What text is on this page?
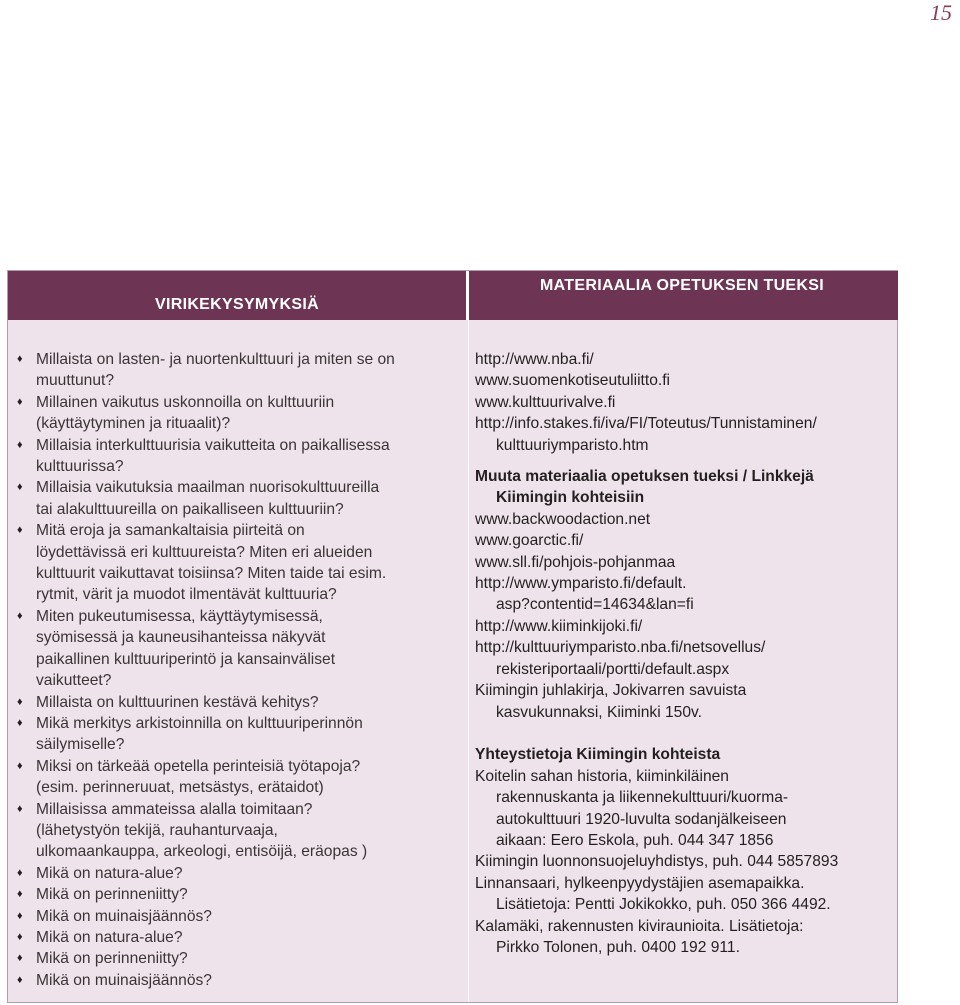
15
VIRIKEKYSYMYKSIÄ
MATERIAALIA OPETUKSEN TUEKSI
♦ Millaista on lasten- ja nuortenkulttuuri ja miten se on
muuttunut?
♦ Millainen vaikutus uskonnoilla on kulttuuriin
(käyttäytyminen ja rituaalit)?
♦ Millaisia interkulttuurisia vaikutteita on paikallisessa
kulttuurissa?
♦ Millaisia vaikutuksia maailman nuorisokulttuureilla
tai alakulttuureilla on paikalliseen kulttuuriin?
♦ Mitä eroja ja samankaltaisia piirteitä on
löydettävissä eri kulttuureista? Miten eri alueiden
kulttuurit vaikuttavat toisiinsa? Miten taide tai esim.
rytmit, värit ja muodot ilmentävät kulttuuria?
♦ Miten pukeutumisessa, käyttäytymisessä,
syömisessä ja kauneusihanteissa näkyvät
paikallinen kulttuuriperintö ja kansainväliset
vaikutteet?
♦ Millaista on kulttuurinen kestävä kehitys?
♦ Mikä merkitys arkistoinnilla on kulttuuriperinnön
säilymiselle?
♦ Miksi on tärkeää opetella perinteisiä työtapoja?
(esim. perinneruuat, metsästys, erätaidot)
♦ Millaisissa ammateissa alalla toimitaan?
(lähetystyön tekijä, rauhanturvaaja,
ulkomaankauppa, arkeologi, entisöijä, eräopas )
♦ Mikä on natura-alue?
♦ Mikä on perinneniitty?
♦ Mikä on muinaisjäännös?
♦ Mikä on natura-alue?
♦ Mikä on perinneniitty?
♦ Mikä on muinaisjäännös?
http://www.nba.fi/
www.suomenkotiseutuliitto.fi
www.kulttuurivalve.fi
http://info.stakes.fi/iva/FI/Toteutus/Tunnistaminen/
kulttuuriymparisto.htm
Muuta materiaalia opetuksen tueksi / Linkkejä
Kiimingin kohteisiin
www.backwoodaction.net
www.goarctic.fi/
www.sll.fi/pohjois-pohjanmaa
http://www.ymparisto.fi/default.
asp?contentid=14634&lan=fi
http://www.kiiminkijoki.fi/
http://kulttuuriymparisto.nba.fi/netsovellus/
rekisteriportaali/portti/default.aspx
Kiimingin juhlakirja, Jokivarren savuista
kasvukunnaksi, Kiiminki 150v.
Yhteystietoja Kiimingin kohteista
Koitelin sahan historia, kiiminkiläinen
rakennuskanta ja liikennekulttuuri/kuorma-
autokulttuuri 1920-luvulta sodanjälkeiseen
aikaan: Eero Eskola, puh. 044 347 1856
Kiimingin luonnonsuojeluyhdistys, puh. 044 5857893
Linnansaari, hylkeenpyydystäjien asemapaikka.
Lisätietoja: Pentti Jokikokko, puh. 050 366 4492.
Kalamäki, rakennusten kiviraunioita. Lisätietoja:
Pirkko Tolonen, puh. 0400 192 911.
